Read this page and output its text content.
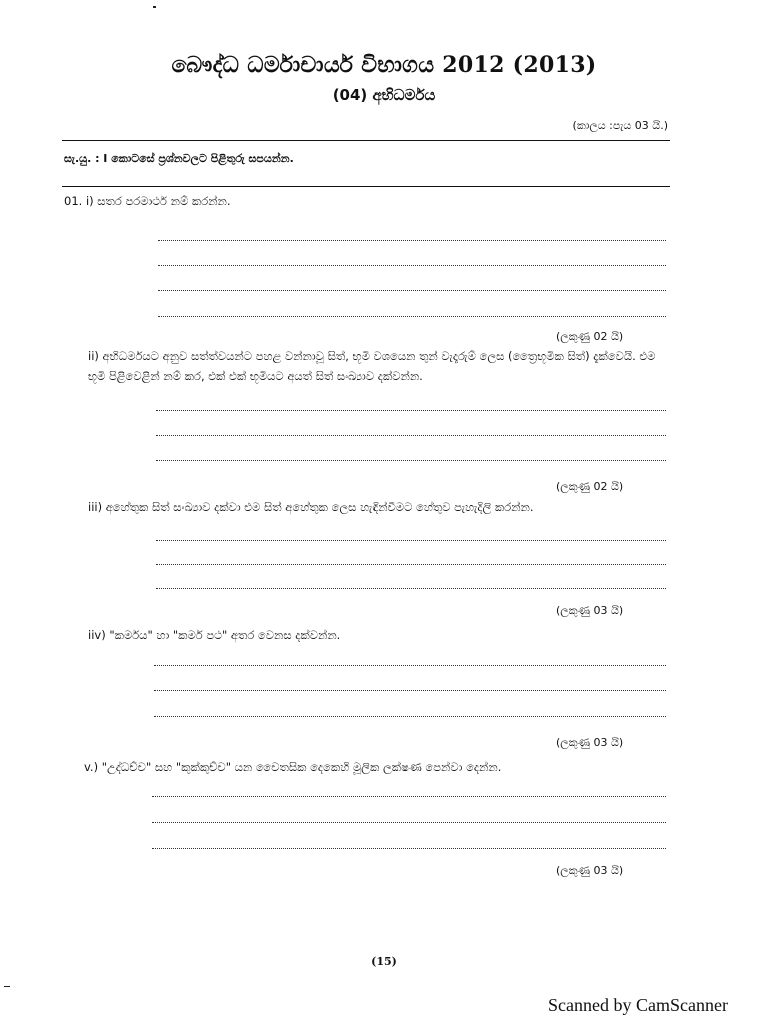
බෞද්ධ ධර්මාචාර්ය විභාගය 2012 (2013)
(04) අභිධර්මය
(කාලය :පැය 03 යි.)
සැ.යු. : I කොටසේ ප්‍රශ්නවලට පිළිතුරු සපයන්න.
01. i) සතර පරමාර්ථ නම් කරන්න.
(ලකුණු 02 යි)
ii) අභිධර්මයට අනුව සත්ත්වයන්ට පහළ වන්නාවූ සිත්, භූමි වශයෙන තුන් වැදෑරුම් ලෙස (ත්‍රෛභූමික සිත්) දැක්වෙයි. එම භූමි පිළිවෙළින් නම් කර, එක් එක් භූමියට අයත් සිත් සංඛ්‍යාව දක්වන්න.
(ලකුණු 02 යි)
iii) අහේතුක සිත් සංඛ්‍යාව දක්වා එම සිත් අහේතුක ලෙස හැඳින්වීමට හේතුව පැහැදිලි කරන්න.
(ලකුණු 03 යි)
iiv) "කර්මය" හා "කර්ම පථ" අතර වෙනස දක්වන්න.
(ලකුණු 03 යි)
v.) "උද්ධච්ච" සහ "කුක්කුච්ච" යන චෛතසික දෙකෙහි මූලික ලක්ෂණ පෙන්වා දෙන්න.
(ලකුණු 03 යි)
(15)
Scanned by CamScanner
